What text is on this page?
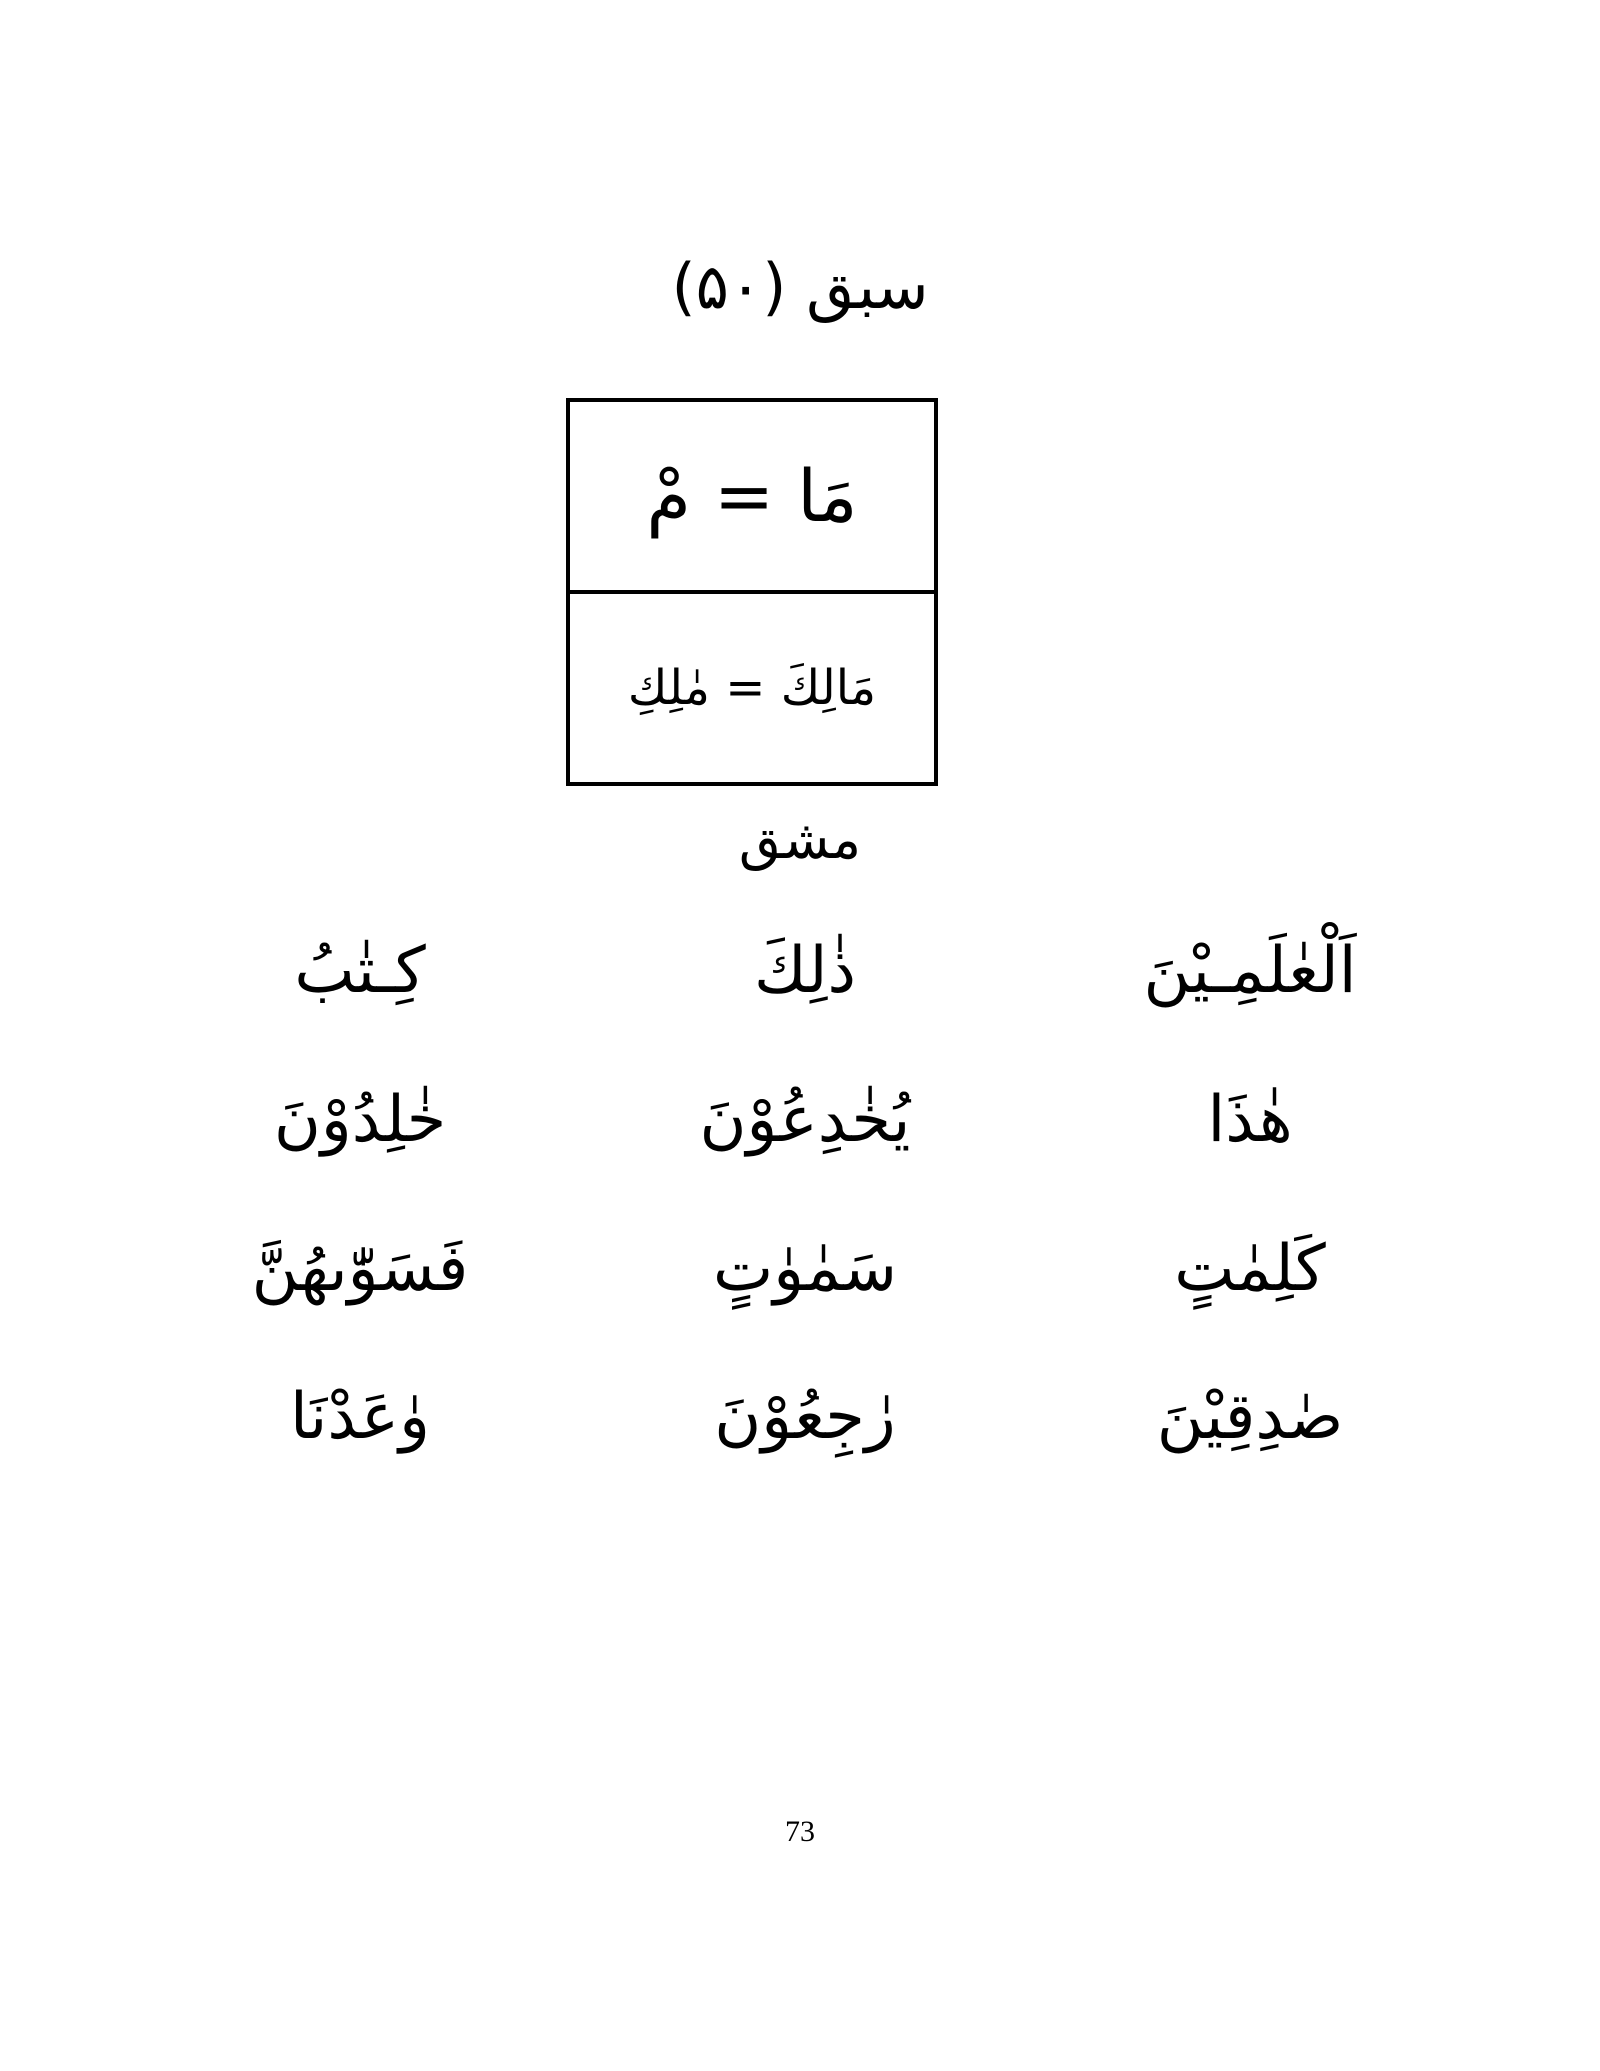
سبق (۵۰)
مَا = مْ
مَالِكَ = مٰلِكِ
مشق
اَلْعٰلَمِـيْنَ
ذٰلِكَ
كِـتٰبُ
هٰذَا
يُخٰدِعُوْنَ
خٰلِدُوْنَ
كَلِمٰتٍ
سَمٰوٰتٍ
فَسَوّٰىهُنَّ
صٰدِقِيْنَ
رٰجِعُوْنَ
وٰعَدْنَا
73
